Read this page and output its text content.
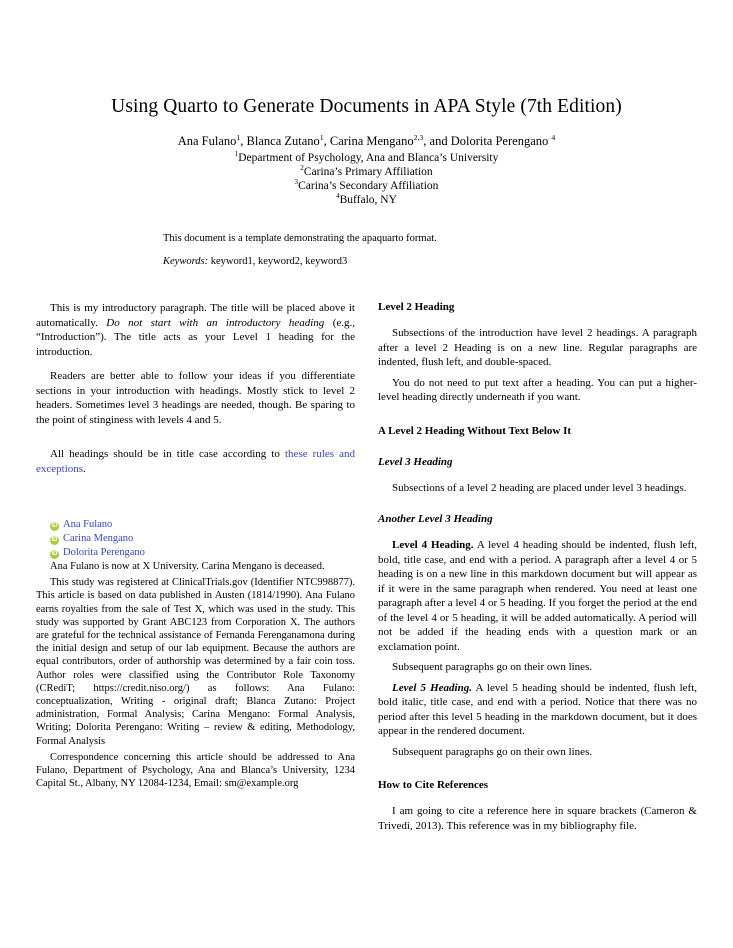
Using Quarto to Generate Documents in APA Style (7th Edition)
Ana Fulano$^1$, Blanca Zutano$^1$, Carina Mengano$^{2,3}$, and Dolorita Perengano $^4$
$^1$Department of Psychology, Ana and Blanca’s University
$^2$Carina’s Primary Affiliation
$^3$Carina’s Secondary Affiliation
$^4$Buffalo, NY

This document is a template demonstrating the apaquarto format.

Keywords: keyword1, keyword2, keyword3

This is my introductory paragraph. The title will be placed above it automatically. Do not start with an introductory heading (e.g., “Introduction”). The title acts as your Level 1 heading for the introduction.

Readers are better able to follow your ideas if you differentiate sections in your introduction with headings. Mostly stick to level 2 headers. Sometimes level 3 headings are needed, though. Be sparing to the point of stinginess with levels 4 and 5.

All headings should be in title case according to these rules and exceptions.

iD Ana Fulano
iD Carina Mengano
iD Dolorita Perengano

Ana Fulano is now at X University. Carina Mengano is deceased.

This study was registered at ClinicalTrials.gov (Identifier NTC998877). This article is based on data published in Austen (1814/1990). Ana Fulano earns royalties from the sale of Test X, which was used in the study. This study was supported by Grant ABC123 from Corporation X. The authors are grateful for the technical assistance of Fernanda Ferenganamona during the initial design and setup of our lab equipment. Because the authors are equal contributors, order of authorship was determined by a fair coin toss. Author roles were classified using the Contributor Role Taxonomy (CRediT; https://credit.niso.org/) as follows: Ana Fulano: conceptualization, Writing - original draft; Blanca Zutano: Project administration, Formal Analysis; Carina Mengano: Formal Analysis, Writing; Dolorita Perengano: Writing – review & editing, Methodology, Formal Analysis

Correspondence concerning this article should be addressed to Ana Fulano, Department of Psychology, Ana and Blanca’s University, 1234 Capital St., Albany, NY 12084-1234, Email: sm@example.org

Level 2 Heading

Subsections of the introduction have level 2 headings. A paragraph after a level 2 Heading is on a new line. Regular paragraphs are indented, flush left, and double-spaced.

You do not need to put text after a heading. You can put a higher-level heading directly underneath if you want.

A Level 2 Heading Without Text Below It
Level 3 Heading

Subsections of a level 2 heading are placed under level 3 headings.

Another Level 3 Heading

Level 4 Heading. A level 4 heading should be indented, flush left, bold, title case, and end with a period. A paragraph after a level 4 or 5 heading is on a new line in this markdown document but will appear as if it were in the same paragraph when rendered. You need at least one paragraph after a level 4 or 5 heading. If you forget the period at the end of the level 4 or 5 heading, it will be added automatically. A period will not be added if the heading ends with a question mark or an exclamation point.

Subsequent paragraphs go on their own lines.

Level 5 Heading. A level 5 heading should be indented, flush left, bold italic, title case, and end with a period. Notice that there was no period after this level 5 heading in the markdown document, but it does appear in the rendered document.

Subsequent paragraphs go on their own lines.

How to Cite References

I am going to cite a reference here in square brackets (Cameron & Trivedi, 2013). This reference was in my bibliography file.
